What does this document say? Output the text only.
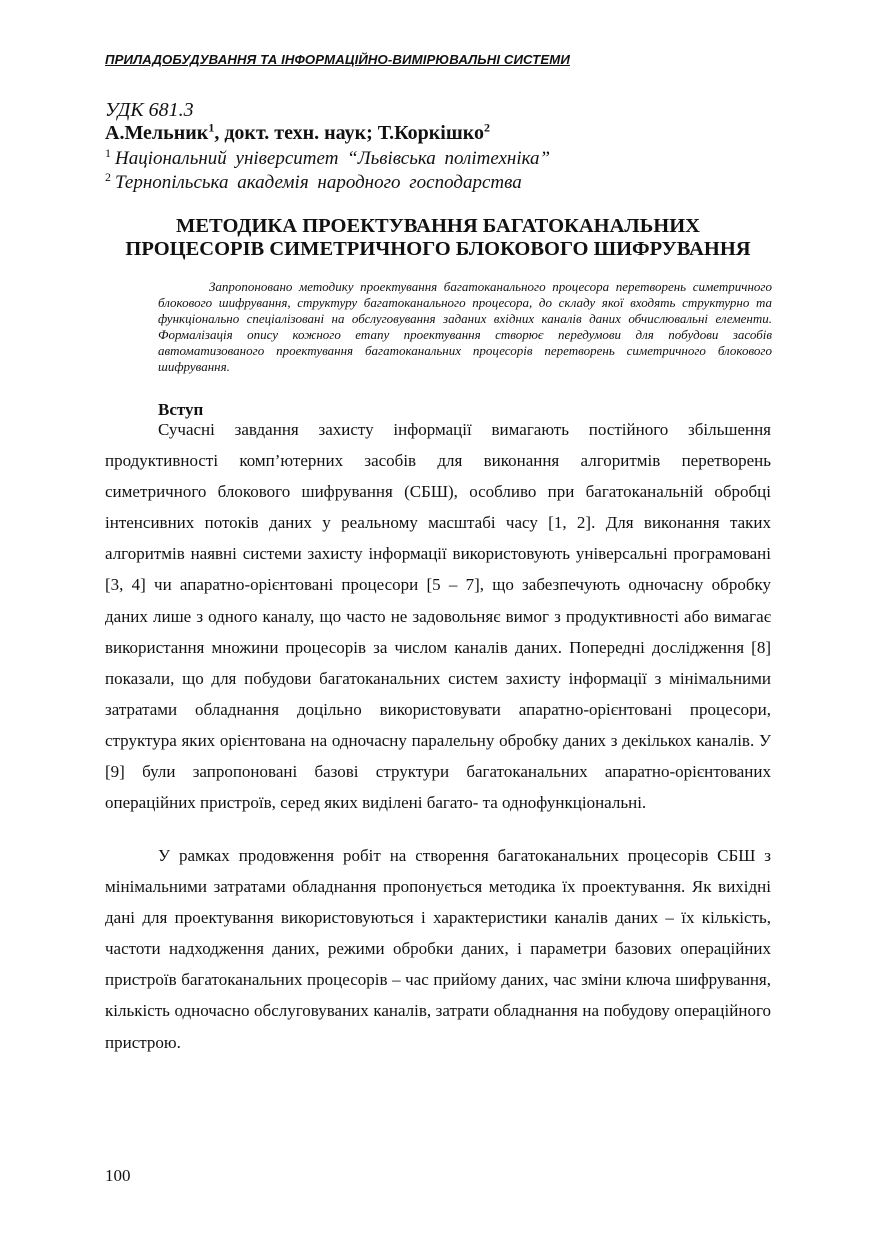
ПРИЛАДОБУДУВАННЯ ТА ІНФОРМАЦІЙНО-ВИМІРЮВАЛЬНІ СИСТЕМИ
УДК 681.3
А.Мельник$^1$, докт. техн. наук; Т.Коркішко$^2$
$^1$ Національний університет “Львівська політехніка”
$^2$ Тернопільська академія народного господарства
МЕТОДИКА ПРОЕКТУВАННЯ БАГАТОКАНАЛЬНИХ
ПРОЦЕСОРІВ СИМЕТРИЧНОГО БЛОКОВОГО ШИФРУВАННЯ
Запропоновано методику проектування багатоканального процесора перетворень симетричного блокового шифрування, структуру багатоканального процесора, до складу якої входять структурно та функціонально спеціалізовані на обслуговування заданих вхідних каналів даних обчислювальні елементи. Формалізація опису кожного етапу проектування створює передумови для побудови засобів автоматизованого проектування багатоканальних процесорів перетворень симетричного блокового шифрування.
Вступ
Сучасні завдання захисту інформації вимагають постійного збільшення продуктивності комп’ютерних засобів для виконання алгоритмів перетворень симетричного блокового шифрування (СБШ), особливо при багатоканальній обробці інтенсивних потоків даних у реальному масштабі часу [1, 2]. Для виконання таких алгоритмів наявні системи захисту інформації використовують універсальні програмовані [3, 4] чи апаратно-орієнтовані процесори [5 – 7], що забезпечують одночасну обробку даних лише з одного каналу, що часто не задовольняє вимог з продуктивності або вимагає використання множини процесорів за числом каналів даних. Попередні дослідження [8] показали, що для побудови багатоканальних систем захисту інформації з мінімальними затратами обладнання доцільно використовувати апаратно-орієнтовані процесори, структура яких орієнтована на одночасну паралельну обробку даних з декількох каналів. У [9] були запропоновані базові структури багатоканальних апаратно-орієнтованих операційних пристроїв, серед яких виділені багато- та однофункціональні.
У рамках продовження робіт на створення багатоканальних процесорів СБШ з мінімальними затратами обладнання пропонується методика їх проектування. Як вихідні дані для проектування використовуються і характеристики каналів даних – їх кількість, частоти надходження даних, режими обробки даних, і параметри базових операційних пристроїв багатоканальних процесорів – час прийому даних, час зміни ключа шифрування, кількість одночасно обслуговуваних каналів, затрати обладнання на побудову операційного пристрою.
100
